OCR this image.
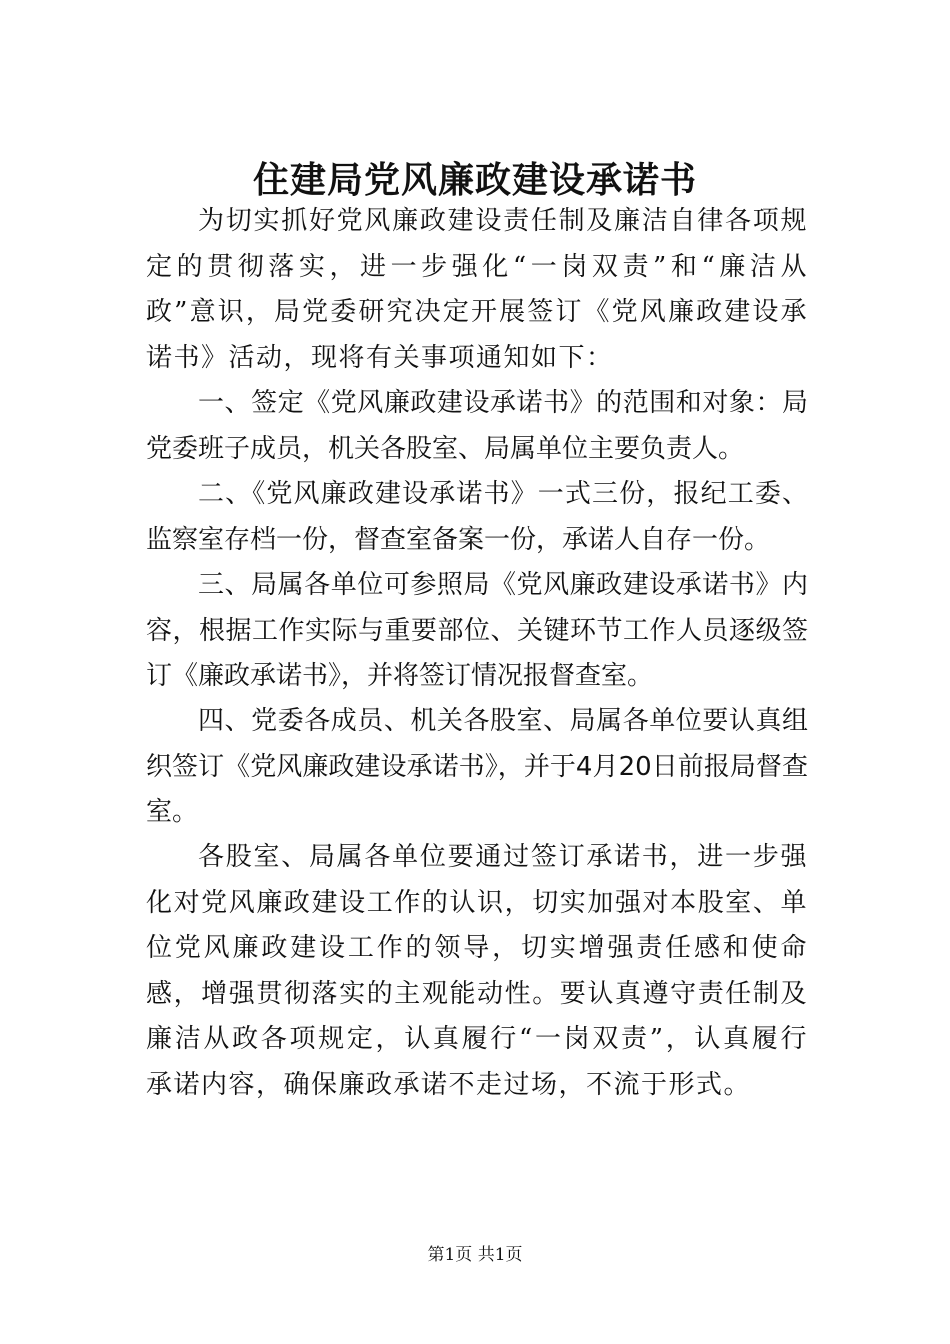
住建局党风廉政建设承诺书

为切实抓好党风廉政建设责任制及廉洁自律各项规定的贯彻落实，进一步强化“一岗双责”和“廉洁从政”意识，局党委研究决定开展签订《党风廉政建设承诺书》活动，现将有关事项通知如下：

一、签定《党风廉政建设承诺书》的范围和对象：局党委班子成员，机关各股室、局属单位主要负责人。

二、《党风廉政建设承诺书》一式三份，报纪工委、监察室存档一份，督查室备案一份，承诺人自存一份。

三、局属各单位可参照局《党风廉政建设承诺书》内容，根据工作实际与重要部位、关键环节工作人员逐级签订《廉政承诺书》，并将签订情况报督查室。

四、党委各成员、机关各股室、局属各单位要认真组织签订《党风廉政建设承诺书》，并于4月20日前报局督查室。

各股室、局属各单位要通过签订承诺书，进一步强化对党风廉政建设工作的认识，切实加强对本股室、单位党风廉政建设工作的领导，切实增强责任感和使命感，增强贯彻落实的主观能动性。要认真遵守责任制及廉洁从政各项规定，认真履行“一岗双责”，认真履行承诺内容，确保廉政承诺不走过场，不流于形式。

第1页 共1页
